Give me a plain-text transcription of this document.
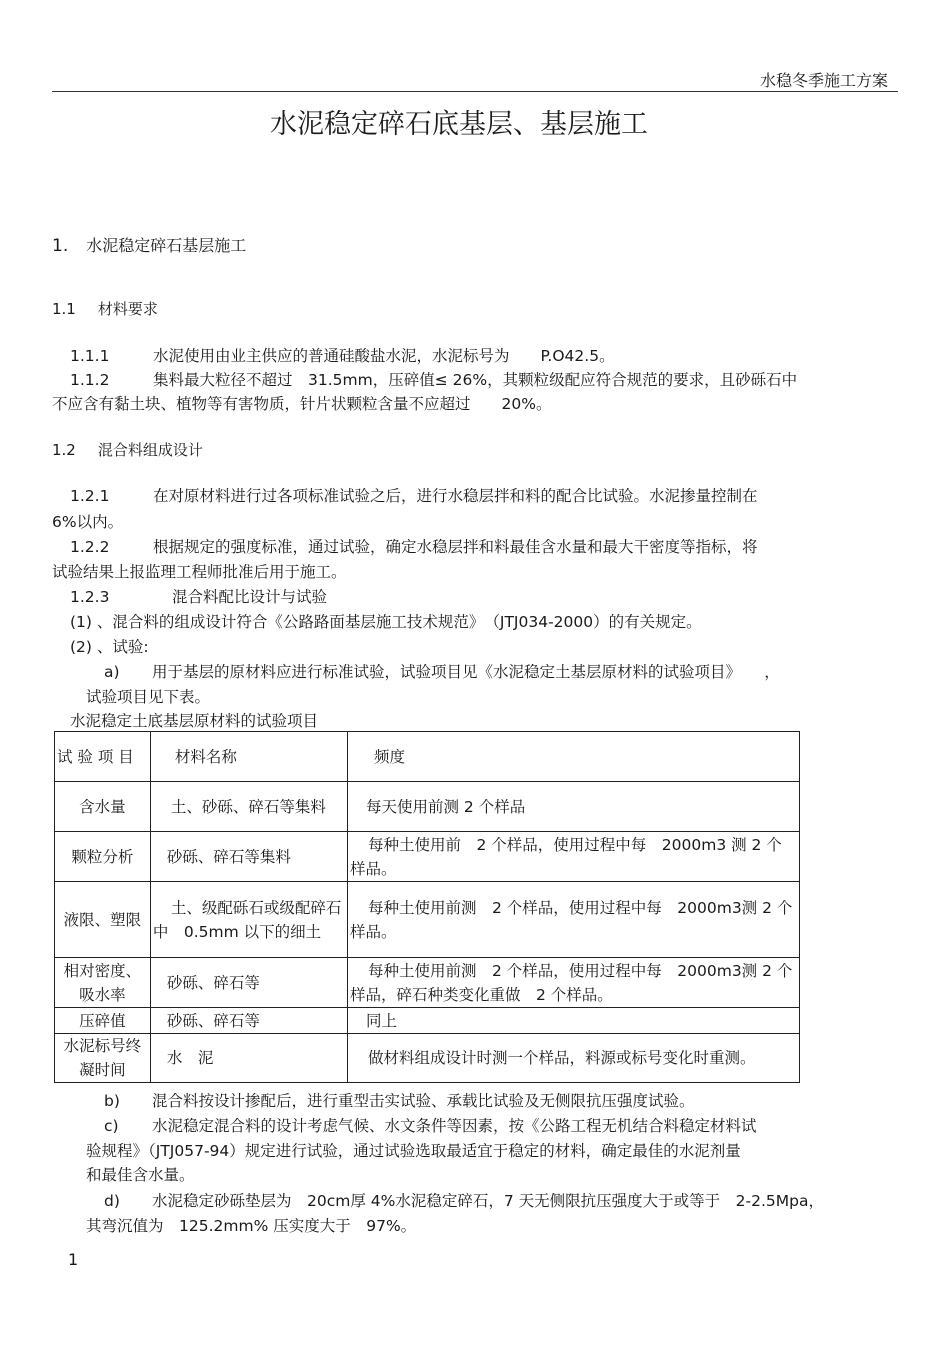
水稳冬季施工方案
水泥稳定碎石底基层、基层施工
1. 水泥稳定碎石基层施工
1.1 材料要求
1.1.1	水泥使用由业主供应的普通硅酸盐水泥，水泥标号为　　P.O42.5。
1.1.2	集料最大粒径不超过　31.5mm，压碎值≤ 26%，其颗粒级配应符合规范的要求，且砂砾石中
不应含有黏土块、植物等有害物质，针片状颗粒含量不应超过　　20%。
1.2 混合料组成设计
1.2.1	在对原材料进行过各项标准试验之后，进行水稳层拌和料的配合比试验。水泥掺量控制在
6%以内。
1.2.2	根据规定的强度标准，通过试验，确定水稳层拌和料最佳含水量和最大干密度等指标，将
试验结果上报监理工程师批准后用于施工。
1.2.3	混合料配比设计与试验
(1) 、混合料的组成设计符合《公路路面基层施工技术规范》　（JTJ034-2000）的有关规定。
(2) 、试验:
a) 用于基层的原材料应进行标准试验，试验项目见《水泥稳定土基层原材料的试验项目》　　，
试验项目见下表。
水泥稳定土底基层原材料的试验项目
试 验 项 目	材料名称	频度
含水量	土、砂砾、碎石等集料	每天使用前测 2 个样品
颗粒分析	砂砾、碎石等集料	每种土使用前　2 个样品，使用过程中每　2000m3 测 2 个样品。
液限、塑限	土、级配砾石或级配碎石中　0.5mm 以下的细土	每种土使用前测　2 个样品，使用过程中每　2000m3测 2 个样品。
相对密度、吸水率	砂砾、碎石等	每种土使用前测　2 个样品，使用过程中每　2000m3测 2 个样品，碎石种类变化重做　2 个样品。
压碎值	砂砾、碎石等	同上
水泥标号终凝时间	水　泥	做材料组成设计时测一个样品，料源或标号变化时重测。
b) 混合料按设计掺配后，进行重型击实试验、承载比试验及无侧限抗压强度试验。
c) 水泥稳定混合料的设计考虑气候、水文条件等因素，按《公路工程无机结合料稳定材料试
验规程》（JTJ057-94）规定进行试验，通过试验选取最适宜于稳定的材料，确定最佳的水泥剂量
和最佳含水量。
d) 水泥稳定砂砾垫层为　20cm厚 4%水泥稳定碎石，7 天无侧限抗压强度大于或等于　2-2.5Mpa，
其弯沉值为　125.2mm% 压实度大于　97%。
1
